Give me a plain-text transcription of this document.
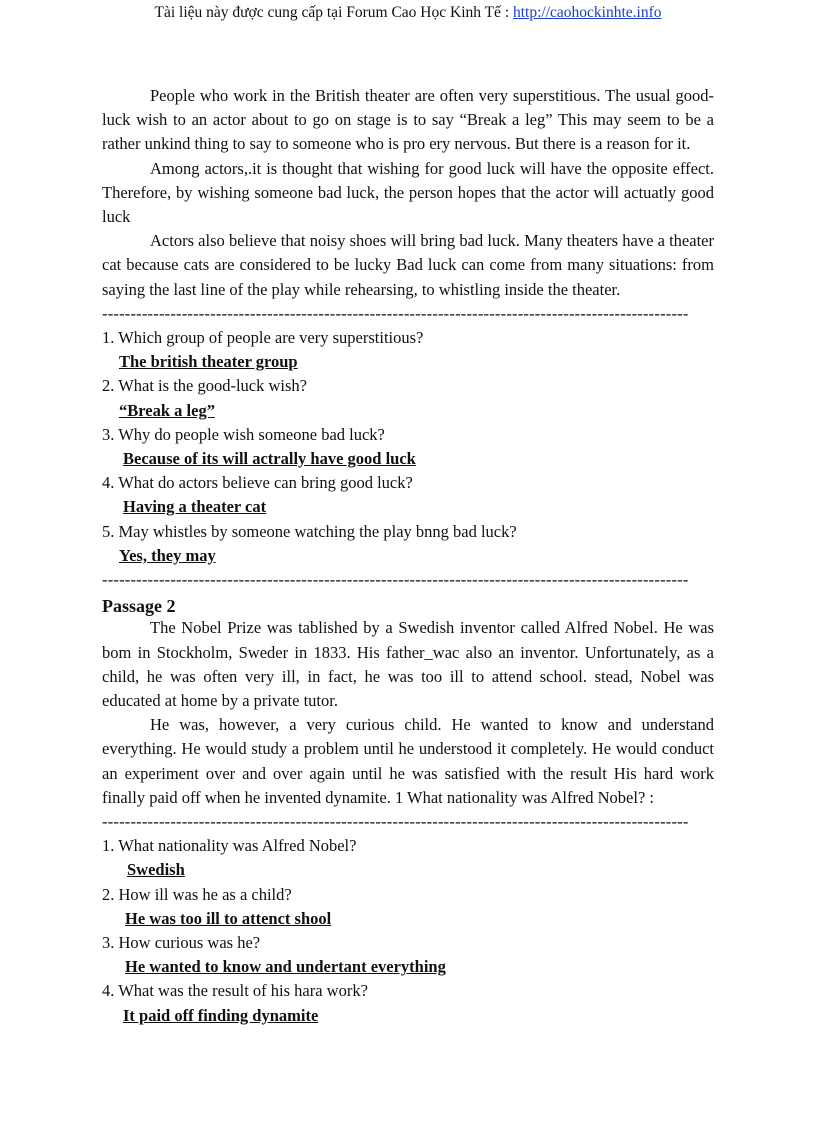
Tài liệu này được cung cấp tại Forum Cao Học Kinh Tế : http://caohockinhte.info

People who work in the British theater are often very superstitious. The usual good-luck wish to an actor about to go on stage is to say “Break a leg” This may seem to be a rather unkind thing to say to someone who is pro ery nervous. But there is a reason for it.

Among actors,.it is thought that wishing for good luck will have the opposite effect. Therefore, by wishing someone bad luck, the person hopes that the actor will actuatly good luck

Actors also believe that noisy shoes will bring bad luck. Many theaters have a theater cat because cats are considered to be lucky Bad luck can come from many situations: from saying the last line of the play while rehearsing, to whistling inside the theater.

-------------------------------------------------------------------------------------------------------
1. Which group of people are very superstitious?
The british theater group
2. What is the good-luck wish?
“Break a leg”
3. Why do people wish someone bad luck?
Because of its will actrally have good luck
4. What do actors believe can bring good luck?
Having a theater cat
5. May whistles by someone watching the play bnng bad luck?
Yes, they may
-------------------------------------------------------------------------------------------------------
Passage 2

The Nobel Prize was tablished by a Swedish inventor called Alfred Nobel. He was bom in Stockholm, Sweder in 1833. His father_wac also an inventor. Unfortunately, as a child, he was often very ill, in fact, he was too ill to attend school. stead, Nobel was educated at home by a private tutor.

He was, however, a very curious child. He wanted to know and understand everything. He would study a problem until he understood it completely. He would conduct an experiment over and over again until he was satisfied with the result His hard work finally paid off when he invented dynamite. 1 What nationality was Alfred Nobel? :

-------------------------------------------------------------------------------------------------------
1. What nationality was Alfred Nobel?
Swedish
2. How ill was he as a child?
He was too ill to attenct shool
3. How curious was he?
He wanted to know and undertant everything
4. What was the result of his hara work?
It paid off finding dynamite
